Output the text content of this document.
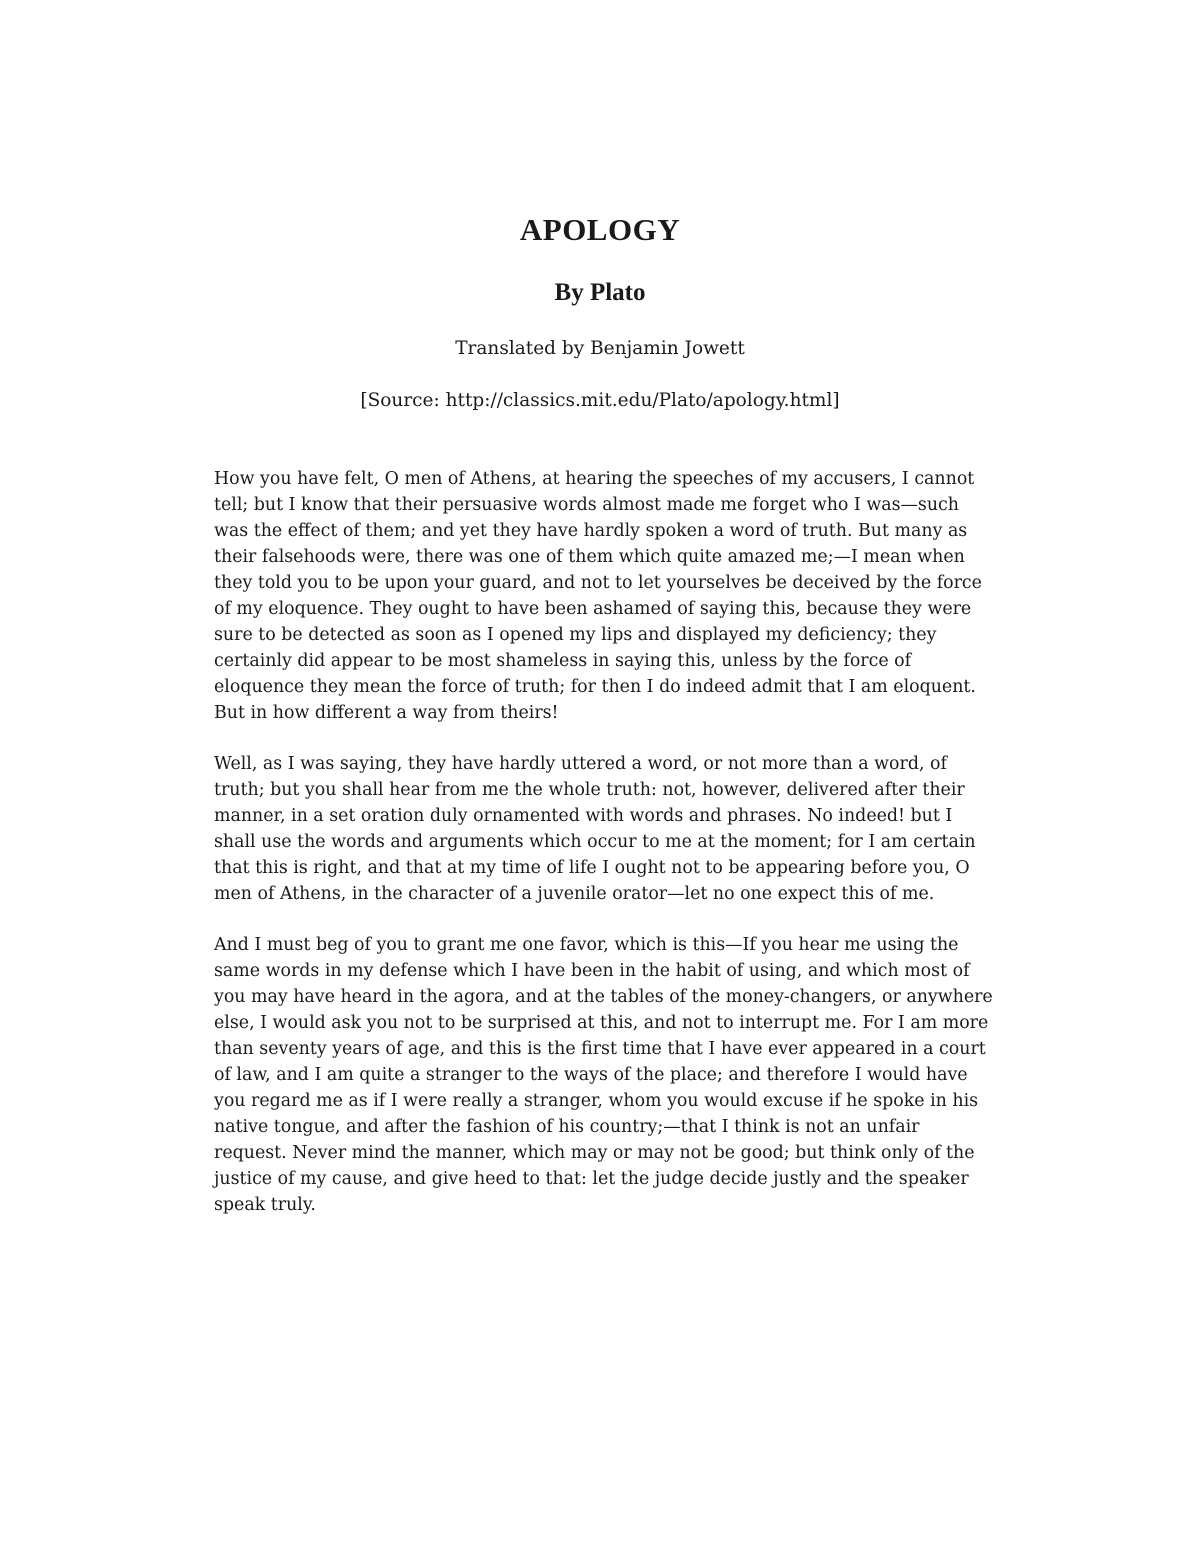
APOLOGY
By Plato

Translated by Benjamin Jowett

[Source: http://classics.mit.edu/Plato/apology.html]

How you have felt, O men of Athens, at hearing the speeches of my accusers, I cannot tell; but I know that their persuasive words almost made me forget who I was—such was the effect of them; and yet they have hardly spoken a word of truth. But many as their falsehoods were, there was one of them which quite amazed me;—I mean when they told you to be upon your guard, and not to let yourselves be deceived by the force of my eloquence. They ought to have been ashamed of saying this, because they were sure to be detected as soon as I opened my lips and displayed my deficiency; they certainly did appear to be most shameless in saying this, unless by the force of eloquence they mean the force of truth; for then I do indeed admit that I am eloquent. But in how different a way from theirs!

Well, as I was saying, they have hardly uttered a word, or not more than a word, of truth; but you shall hear from me the whole truth: not, however, delivered after their manner, in a set oration duly ornamented with words and phrases. No indeed! but I shall use the words and arguments which occur to me at the moment; for I am certain that this is right, and that at my time of life I ought not to be appearing before you, O men of Athens, in the character of a juvenile orator—let no one expect this of me.

And I must beg of you to grant me one favor, which is this—If you hear me using the same words in my defense which I have been in the habit of using, and which most of you may have heard in the agora, and at the tables of the money-changers, or anywhere else, I would ask you not to be surprised at this, and not to interrupt me. For I am more than seventy years of age, and this is the first time that I have ever appeared in a court of law, and I am quite a stranger to the ways of the place; and therefore I would have you regard me as if I were really a stranger, whom you would excuse if he spoke in his native tongue, and after the fashion of his country;—that I think is not an unfair request. Never mind the manner, which may or may not be good; but think only of the justice of my cause, and give heed to that: let the judge decide justly and the speaker speak truly.
